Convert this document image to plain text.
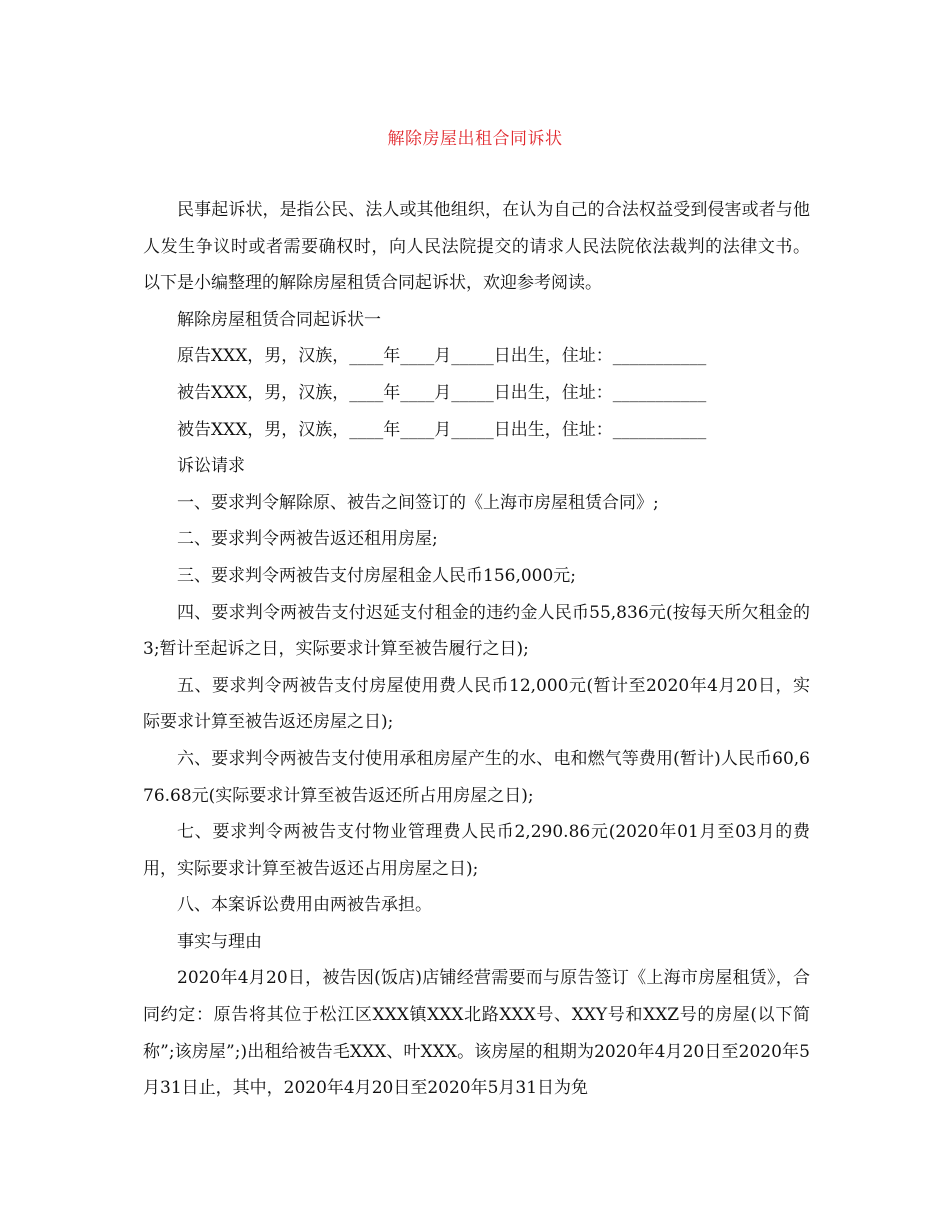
解除房屋出租合同诉状

民事起诉状，是指公民、法人或其他组织，在认为自己的合法权益受到侵害或者与他人发生争议时或者需要确权时，向人民法院提交的请求人民法院依法裁判的法律文书。 以下是小编整理的解除房屋租赁合同起诉状，欢迎参考阅读。

解除房屋租赁合同起诉状一

原告XXX，男，汉族，____年____月_____日出生，住址：___________

被告XXX，男，汉族，____年____月_____日出生，住址：___________

被告XXX，男，汉族，____年____月_____日出生，住址：___________

诉讼请求

一、要求判令解除原、被告之间签订的《上海市房屋租赁合同》;

二、要求判令两被告返还租用房屋;

三、要求判令两被告支付房屋租金人民币156,000元;

四、要求判令两被告支付迟延支付租金的违约金人民币55,836元(按每天所欠租金的3;暂计至起诉之日，实际要求计算至被告履行之日);

五、要求判令两被告支付房屋使用费人民币12,000元(暂计至2020年4月20日，实际要求计算至被告返还房屋之日);

六、要求判令两被告支付使用承租房屋产生的水、电和燃气等费用(暂计)人民币60,676.68元(实际要求计算至被告返还所占用房屋之日);

七、要求判令两被告支付物业管理费人民币2,290.86元(2020年01月至03月的费用，实际要求计算至被告返还占用房屋之日);

八、本案诉讼费用由两被告承担。

事实与理由

2020年4月20日，被告因(饭店)店铺经营需要而与原告签订《上海市房屋租赁》，合同约定：原告将其位于松江区XXX镇XXX北路XXX号、XXY号和XXZ号的房屋(以下简称”;该房屋”;)出租给被告毛XXX、叶XXX。该房屋的租期为2020年4月20日至2020年5月31日止，其中，2020年4月20日至2020年5月31日为免
